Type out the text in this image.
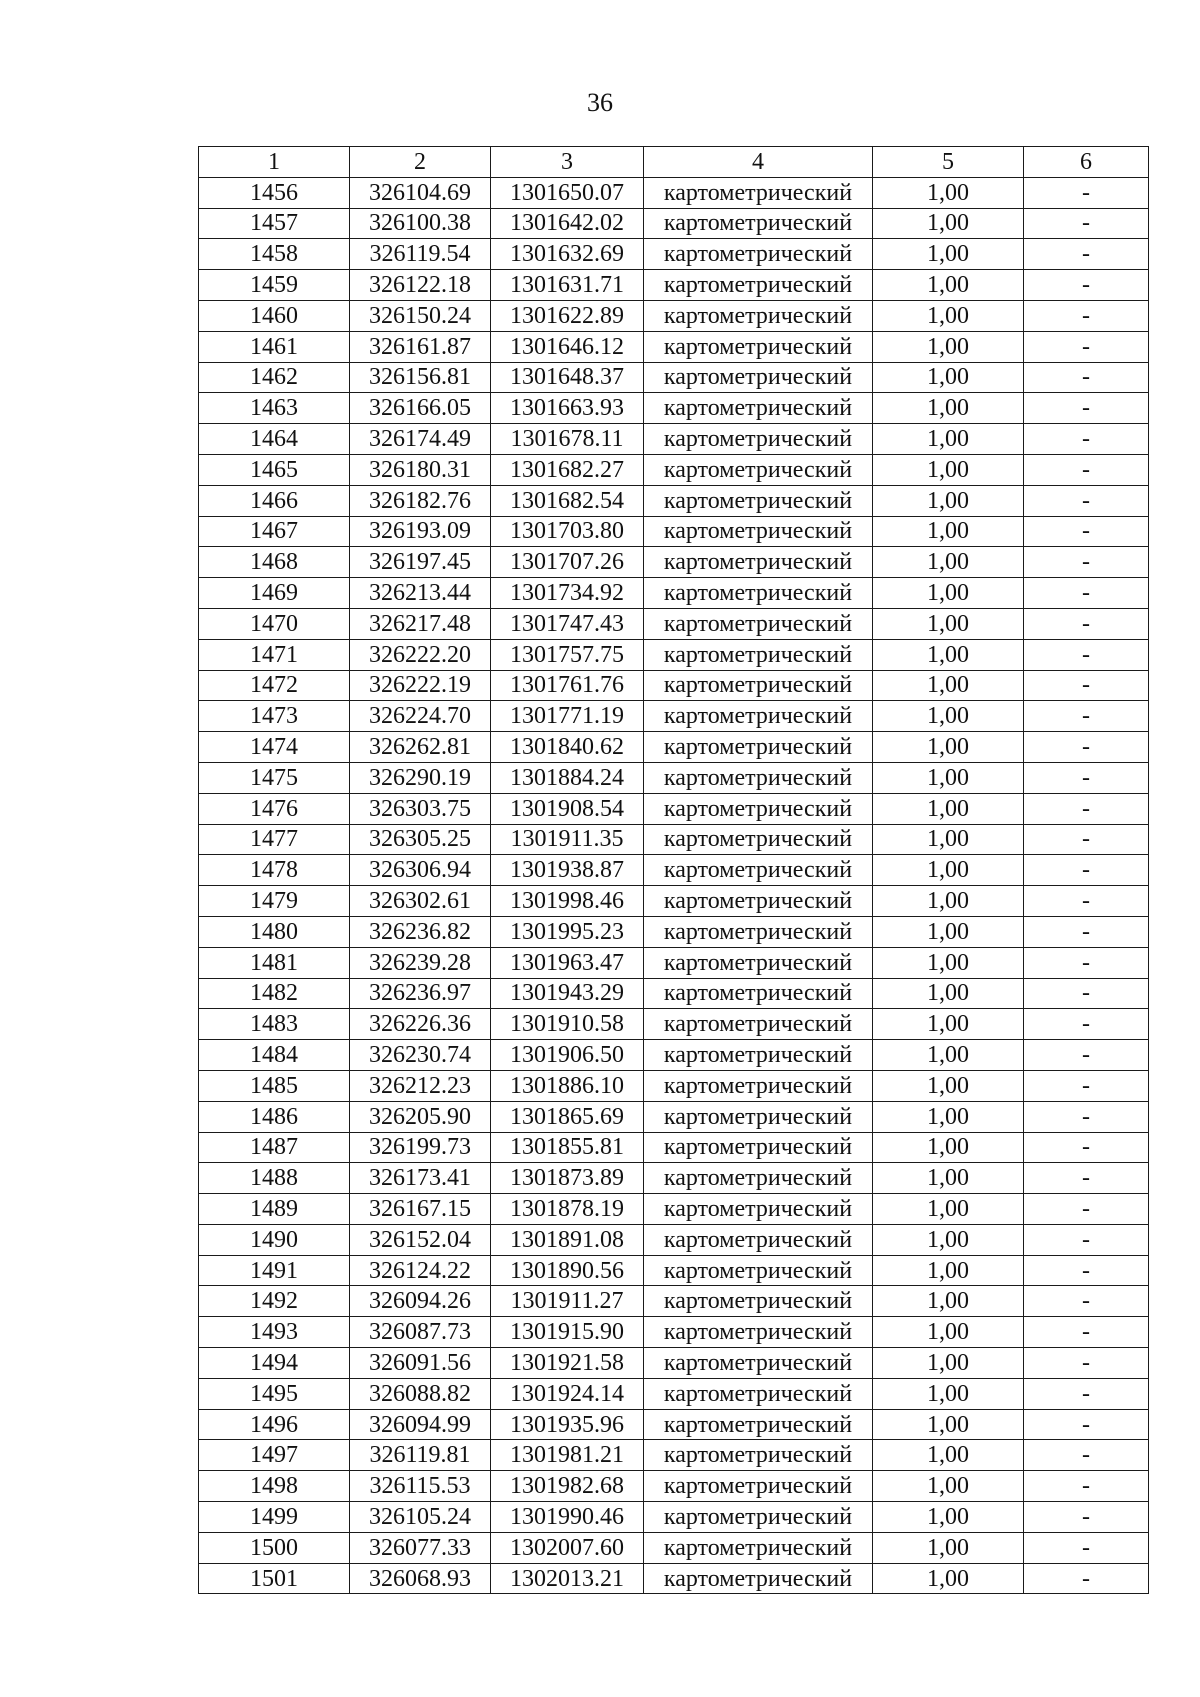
36
1	2	3	4	5	6
1456	326104.69	1301650.07	картометрический	1,00	-
1457	326100.38	1301642.02	картометрический	1,00	-
1458	326119.54	1301632.69	картометрический	1,00	-
1459	326122.18	1301631.71	картометрический	1,00	-
1460	326150.24	1301622.89	картометрический	1,00	-
1461	326161.87	1301646.12	картометрический	1,00	-
1462	326156.81	1301648.37	картометрический	1,00	-
1463	326166.05	1301663.93	картометрический	1,00	-
1464	326174.49	1301678.11	картометрический	1,00	-
1465	326180.31	1301682.27	картометрический	1,00	-
1466	326182.76	1301682.54	картометрический	1,00	-
1467	326193.09	1301703.80	картометрический	1,00	-
1468	326197.45	1301707.26	картометрический	1,00	-
1469	326213.44	1301734.92	картометрический	1,00	-
1470	326217.48	1301747.43	картометрический	1,00	-
1471	326222.20	1301757.75	картометрический	1,00	-
1472	326222.19	1301761.76	картометрический	1,00	-
1473	326224.70	1301771.19	картометрический	1,00	-
1474	326262.81	1301840.62	картометрический	1,00	-
1475	326290.19	1301884.24	картометрический	1,00	-
1476	326303.75	1301908.54	картометрический	1,00	-
1477	326305.25	1301911.35	картометрический	1,00	-
1478	326306.94	1301938.87	картометрический	1,00	-
1479	326302.61	1301998.46	картометрический	1,00	-
1480	326236.82	1301995.23	картометрический	1,00	-
1481	326239.28	1301963.47	картометрический	1,00	-
1482	326236.97	1301943.29	картометрический	1,00	-
1483	326226.36	1301910.58	картометрический	1,00	-
1484	326230.74	1301906.50	картометрический	1,00	-
1485	326212.23	1301886.10	картометрический	1,00	-
1486	326205.90	1301865.69	картометрический	1,00	-
1487	326199.73	1301855.81	картометрический	1,00	-
1488	326173.41	1301873.89	картометрический	1,00	-
1489	326167.15	1301878.19	картометрический	1,00	-
1490	326152.04	1301891.08	картометрический	1,00	-
1491	326124.22	1301890.56	картометрический	1,00	-
1492	326094.26	1301911.27	картометрический	1,00	-
1493	326087.73	1301915.90	картометрический	1,00	-
1494	326091.56	1301921.58	картометрический	1,00	-
1495	326088.82	1301924.14	картометрический	1,00	-
1496	326094.99	1301935.96	картометрический	1,00	-
1497	326119.81	1301981.21	картометрический	1,00	-
1498	326115.53	1301982.68	картометрический	1,00	-
1499	326105.24	1301990.46	картометрический	1,00	-
1500	326077.33	1302007.60	картометрический	1,00	-
1501	326068.93	1302013.21	картометрический	1,00	-
